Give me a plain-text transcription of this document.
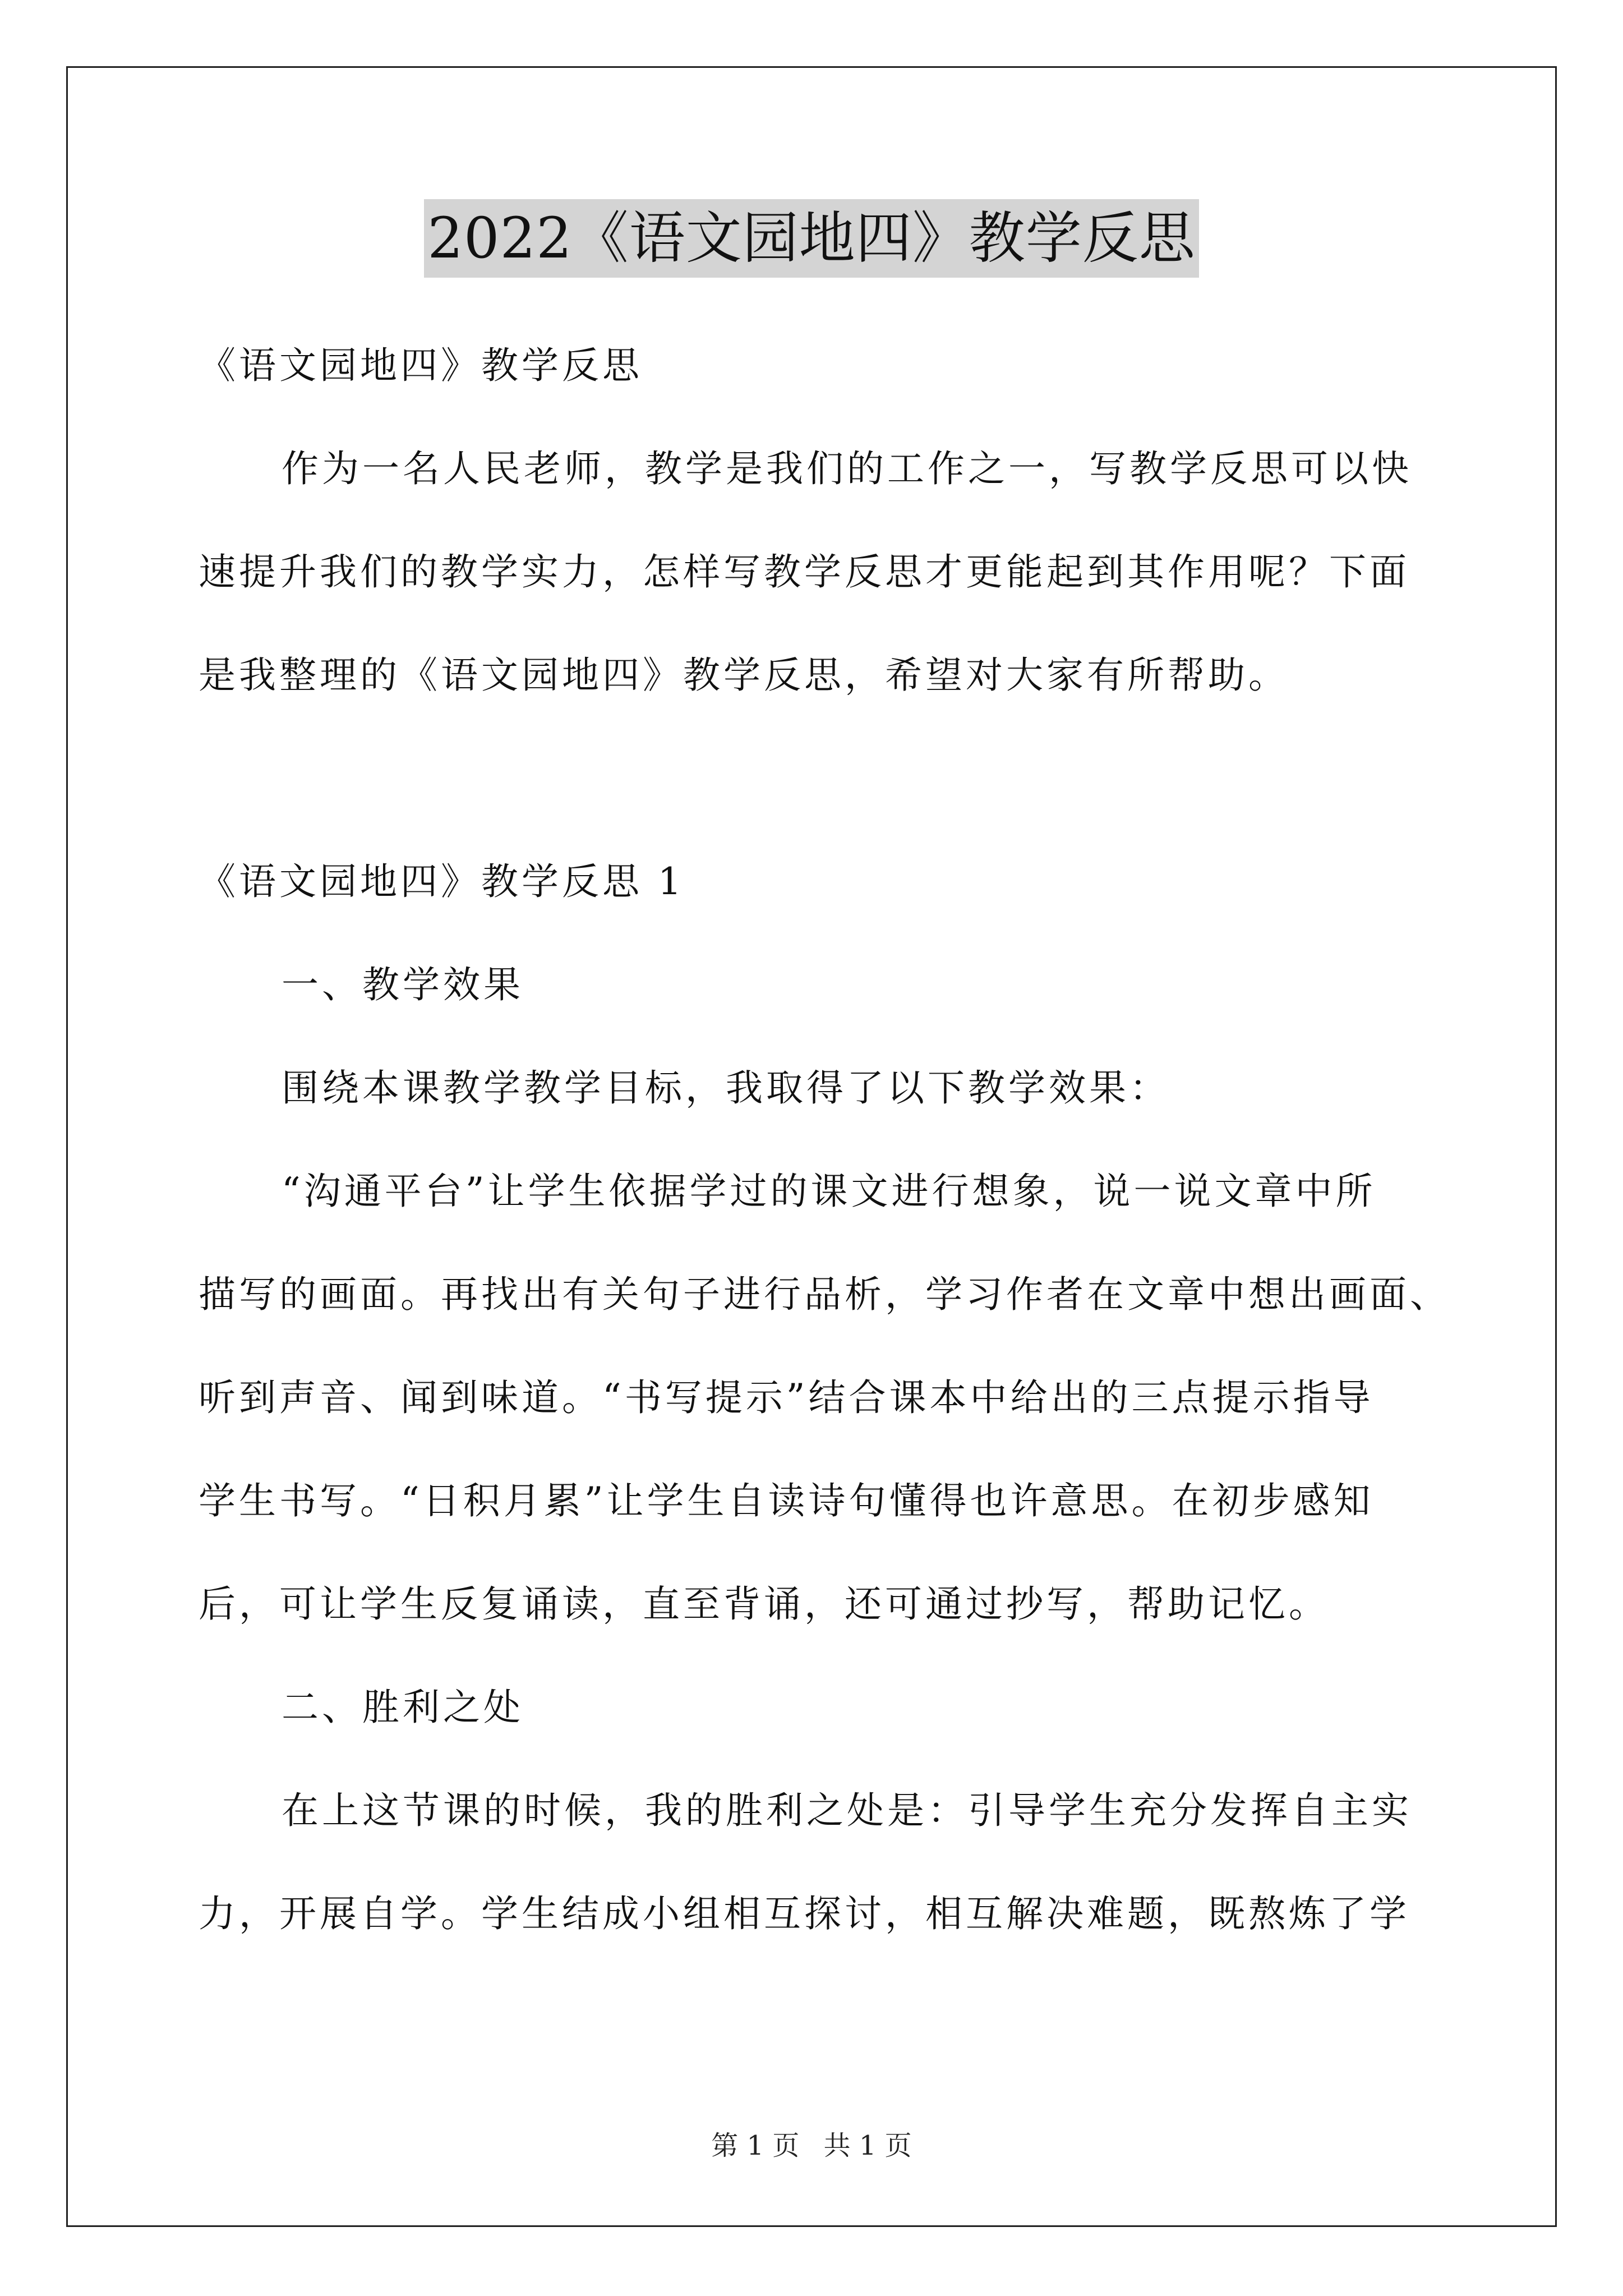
2022《语文园地四》教学反思

《语文园地四》教学反思

作为一名人民老师，教学是我们的工作之一，写教学反思可以快

速提升我们的教学实力，怎样写教学反思才更能起到其作用呢？下面

是我整理的《语文园地四》教学反思，希望对大家有所帮助。

《语文园地四》教学反思 1

一、教学效果

围绕本课教学教学目标，我取得了以下教学效果：

“沟通平台”让学生依据学过的课文进行想象，说一说文章中所

描写的画面。再找出有关句子进行品析，学习作者在文章中想出画面、

听到声音、闻到味道。“书写提示”结合课本中给出的三点提示指导

学生书写。“日积月累”让学生自读诗句懂得也许意思。在初步感知

后，可让学生反复诵读，直至背诵，还可通过抄写，帮助记忆。

二、胜利之处

在上这节课的时候，我的胜利之处是：引导学生充分发挥自主实

力，开展自学。学生结成小组相互探讨，相互解决难题，既熬炼了学

第 1 页 共 1 页
